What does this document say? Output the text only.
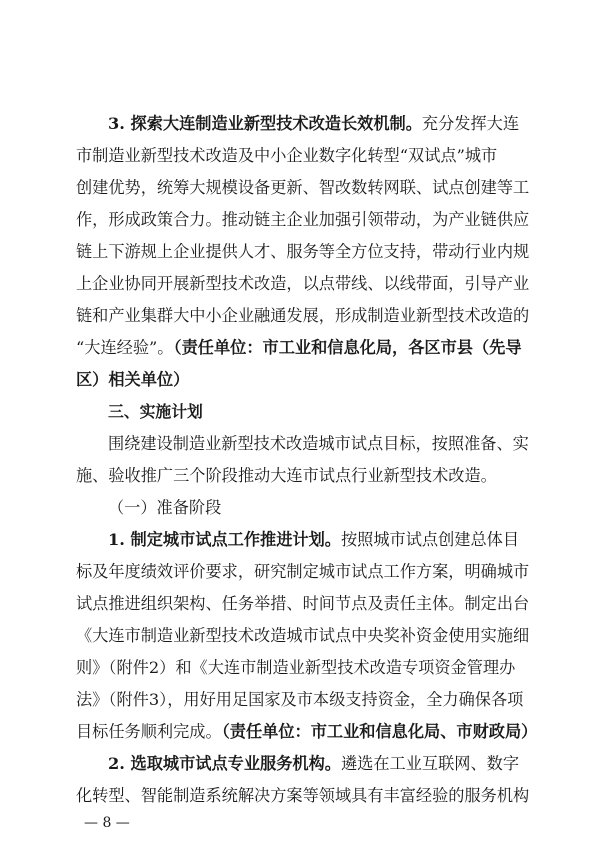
3. 探索大连制造业新型技术改造长效机制。充分发挥大连
市制造业新型技术改造及中小企业数字化转型“双试点”城市
创建优势，统筹大规模设备更新、智改数转网联、试点创建等工
作，形成政策合力。推动链主企业加强引领带动，为产业链供应
链上下游规上企业提供人才、服务等全方位支持，带动行业内规
上企业协同开展新型技术改造，以点带线、以线带面，引导产业
链和产业集群大中小企业融通发展，形成制造业新型技术改造的
“大连经验”。（责任单位：市工业和信息化局，各区市县（先导
区）相关单位）
三、实施计划
围绕建设制造业新型技术改造城市试点目标，按照准备、实
施、验收推广三个阶段推动大连市试点行业新型技术改造。
（一）准备阶段
1. 制定城市试点工作推进计划。按照城市试点创建总体目
标及年度绩效评价要求，研究制定城市试点工作方案，明确城市
试点推进组织架构、任务举措、时间节点及责任主体。制定出台
《大连市制造业新型技术改造城市试点中央奖补资金使用实施细
则》（附件2）和《大连市制造业新型技术改造专项资金管理办
法》（附件3），用好用足国家及市本级支持资金，全力确保各项
目标任务顺利完成。（责任单位：市工业和信息化局、市财政局）
2. 选取城市试点专业服务机构。遴选在工业互联网、数字
化转型、智能制造系统解决方案等领域具有丰富经验的服务机构
— 8 —
